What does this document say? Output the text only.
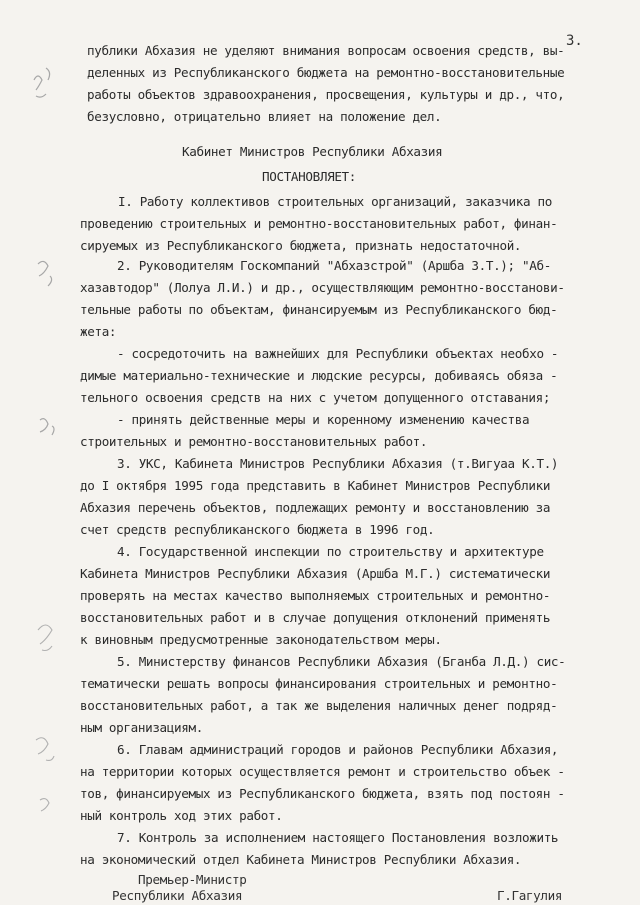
3.
публики Абхазия не уделяют внимания вопросам освоения средств, вы-
деленных из Республиканского бюджета на ремонтно-восстановительные
работы объектов здравоохранения, просвещения, культуры и др., что,
безусловно, отрицательно влияет на положение дел.
Кабинет Министров Республики Абхазия
ПОСТАНОВЛЯЕТ:
I. Работу коллективов строительных организаций, заказчика по
проведению строительных и ремонтно-восстановительных работ, финан-
сируемых из Республиканского бюджета, признать недостаточной.
2. Руководителям Госкомпаний "Абхазстрой" (Аршба З.Т.); "Аб-
хазавтодор" (Лолуа Л.И.) и др., осуществляющим ремонтно-восстанови-
тельные работы по объектам, финансируемым из Республиканского бюд-
жета:
- сосредоточить на важнейших для Республики объектах необхо -
димые материально-технические и людские ресурсы, добиваясь обяза -
тельного освоения средств на них с учетом допущенного отставания;
- принять действенные меры и коренному изменению качества
строительных и ремонтно-восстановительных работ.
3. УКС, Кабинета Министров Республики Абхазия (т.Вигуаа К.Т.)
до I октября 1995 года представить в Кабинет Министров Республики
Абхазия перечень объектов, подлежащих ремонту и восстановлению за
счет средств республиканского бюджета в 1996 год.
4. Государственной инспекции по строительству и архитектуре
Кабинета Министров Республики Абхазия (Аршба М.Г.) систематически
проверять на местах качество выполняемых строительных и ремонтно-
восстановительных работ и в случае допущения отклонений применять
к виновным предусмотренные законодательством меры.
5. Министерству финансов Республики Абхазия (Бганба Л.Д.) сис-
тематически решать вопросы финансирования строительных и ремонтно-
восстановительных работ, а так же выделения наличных денег подряд-
ным организациям.
6. Главам администраций городов и районов Республики Абхазия,
на территории которых осуществляется ремонт и строительство объек -
тов, финансируемых из Республиканского бюджета, взять под постоян -
ный контроль ход этих работ.
7. Контроль за исполнением настоящего Постановления возложить
на экономический отдел Кабинета Министров Республики Абхазия.
Премьер-Министр
Республики Абхазия	Г.Гагулия
